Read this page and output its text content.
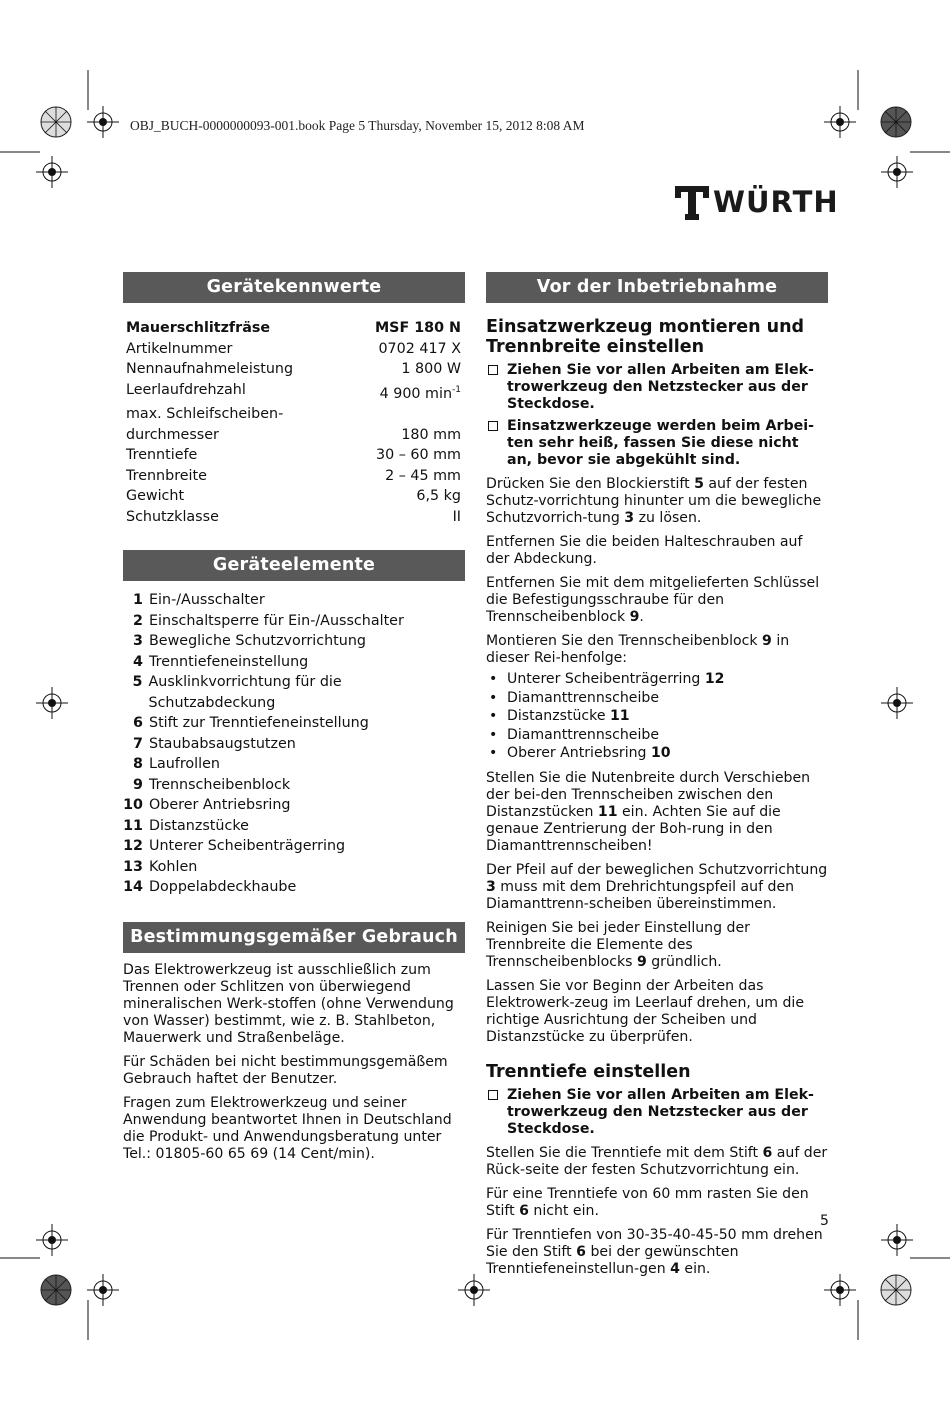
OBJ_BUCH-0000000093-001.book Page 5 Thursday, November 15, 2012 8:08 AM
WÜRTH
Gerätekennwerte
Mauerschlitzfräse	MSF 180 N
Artikelnummer	0702 417 X
Nennaufnahmeleistung	1 800 W
Leerlaufdrehzahl	4 900 $\min^{-1}$
max. Schleifscheiben-
durchmesser	180 mm
Trenntiefe	30 – 60 mm
Trennbreite	2 – 45 mm
Gewicht	6,5 kg
Schutzklasse	II
Geräteelemente
1 Ein-/Ausschalter
2 Einschaltsperre für Ein-/Ausschalter
3 Bewegliche Schutzvorrichtung
4 Trenntiefeneinstellung
5 Ausklinkvorrichtung für die Schutzabdeckung
6 Stift zur Trenntiefeneinstellung
7 Staubabsaugstutzen
8 Laufrollen
9 Trennscheibenblock
10 Oberer Antriebsring
11 Distanzstücke
12 Unterer Scheibenträgerring
13 Kohlen
14 Doppelabdeckhaube
Bestimmungsgemäßer Gebrauch

Das Elektrowerkzeug ist ausschließlich zum Trennen oder Schlitzen von überwiegend mineralischen Werk-stoffen (ohne Verwendung von Wasser) bestimmt, wie z. B. Stahlbeton, Mauerwerk und Straßenbeläge.

Für Schäden bei nicht bestimmungsgemäßem Gebrauch haftet der Benutzer.

Fragen zum Elektrowerkzeug und seiner Anwendung beantwortet Ihnen in Deutschland die Produkt- und Anwendungsberatung unter
Tel.: 01805-60 65 69 (14 Cent/min).

Vor der Inbetriebnahme
Einsatzwerkzeug montieren und Trennbreite einstellen
Ziehen Sie vor allen Arbeiten am Elek-trowerkzeug den Netzstecker aus der Steckdose.
Einsatzwerkzeuge werden beim Arbei-ten sehr heiß, fassen Sie diese nicht an, bevor sie abgekühlt sind.

Drücken Sie den Blockierstift 5 auf der festen Schutz-vorrichtung hinunter um die bewegliche Schutzvorrich-tung 3 zu lösen.

Entfernen Sie die beiden Halteschrauben auf der Abdeckung.

Entfernen Sie mit dem mitgelieferten Schlüssel die Befestigungsschraube für den Trennscheibenblock 9.

Montieren Sie den Trennscheibenblock 9 in dieser Rei-henfolge:

• Unterer Scheibenträgerring 12
• Diamanttrennscheibe
• Distanzstücke 11
• Diamanttrennscheibe
• Oberer Antriebsring 10

Stellen Sie die Nutenbreite durch Verschieben der bei-den Trennscheiben zwischen den Distanzstücken 11 ein. Achten Sie auf die genaue Zentrierung der Boh-rung in den Diamanttrennscheiben!

Der Pfeil auf der beweglichen Schutzvorrichtung 3 muss mit dem Drehrichtungspfeil auf den Diamanttrenn-scheiben übereinstimmen.

Reinigen Sie bei jeder Einstellung der Trennbreite die Elemente des Trennscheibenblocks 9 gründlich.

Lassen Sie vor Beginn der Arbeiten das Elektrowerk-zeug im Leerlauf drehen, um die richtige Ausrichtung der Scheiben und Distanzstücke zu überprüfen.

Trenntiefe einstellen
Ziehen Sie vor allen Arbeiten am Elek-trowerkzeug den Netzstecker aus der Steckdose.

Stellen Sie die Trenntiefe mit dem Stift 6 auf der Rück-seite der festen Schutzvorrichtung ein.

Für eine Trenntiefe von 60 mm rasten Sie den Stift 6 nicht ein.

Für Trenntiefen von 30-35-40-45-50 mm drehen Sie den Stift 6 bei der gewünschten Trenntiefeneinstellun-gen 4 ein.

5
